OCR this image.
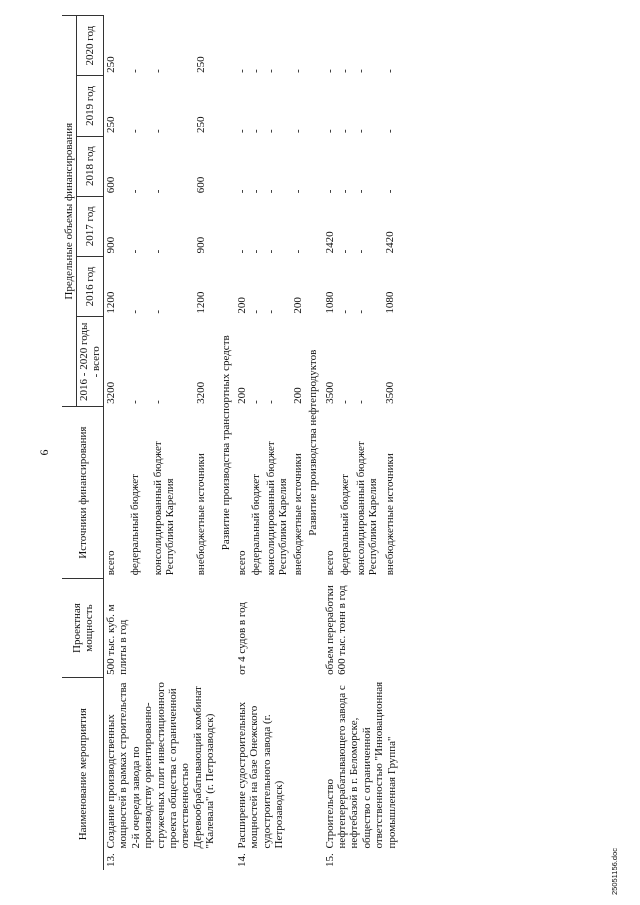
6
Наименование мероприятия		Проектная мощность	Источники финансирования	Предельные объемы финансирования					
				2016 - 2020 годы - всего	2016 год	2017 год	2018 год	2019 год	2020 год
13.	Создание производственных мощностей в рамках строительства 2-й очереди завода по производству ориентированно-стружечных плит инвестиционного проекта общества с ограниченной ответственностью Деревообрабатывающий комбинат "Калевала" (г. Петрозаводск)	500 тыс. куб. м плиты в год	всего	3200	1200	900	600	250	250
			федеральный бюджет	-	-	-	-	-	-
			консолидированный бюджет Республики Карелия	-	-	-	-	-	-
			внебюджетные источники	3200	1200	900	600	250	250
Развитие производства транспортных средств									
14.	Расширение судостроительных мощностей на базе Онежского судостроительного завода (г. Петрозаводск)	от 4 судов в год	всего	200	200	-	-	-	-
			федеральный бюджет	-	-	-	-	-	-
			консолидированный бюджет Республики Карелия	-	-	-	-	-	-
			внебюджетные источники	200	200	-	-	-	-
Развитие производства нефтепродуктов									
15.	Строительство нефтеперерабатывающего завода с нефтебазой в г. Беломорске, общество с ограниченной ответственностью "Инновационная промышленная Группа"	объем переработки 600 тыс. тонн в год	всего	3500	1080	2420	-	-	-
			федеральный бюджет	-	-	-	-	-	-
			консолидированный бюджет Республики Карелия	-	-	-	-	-	-
			внебюджетные источники	3500	1080	2420	-	-	-
25051156.doc
